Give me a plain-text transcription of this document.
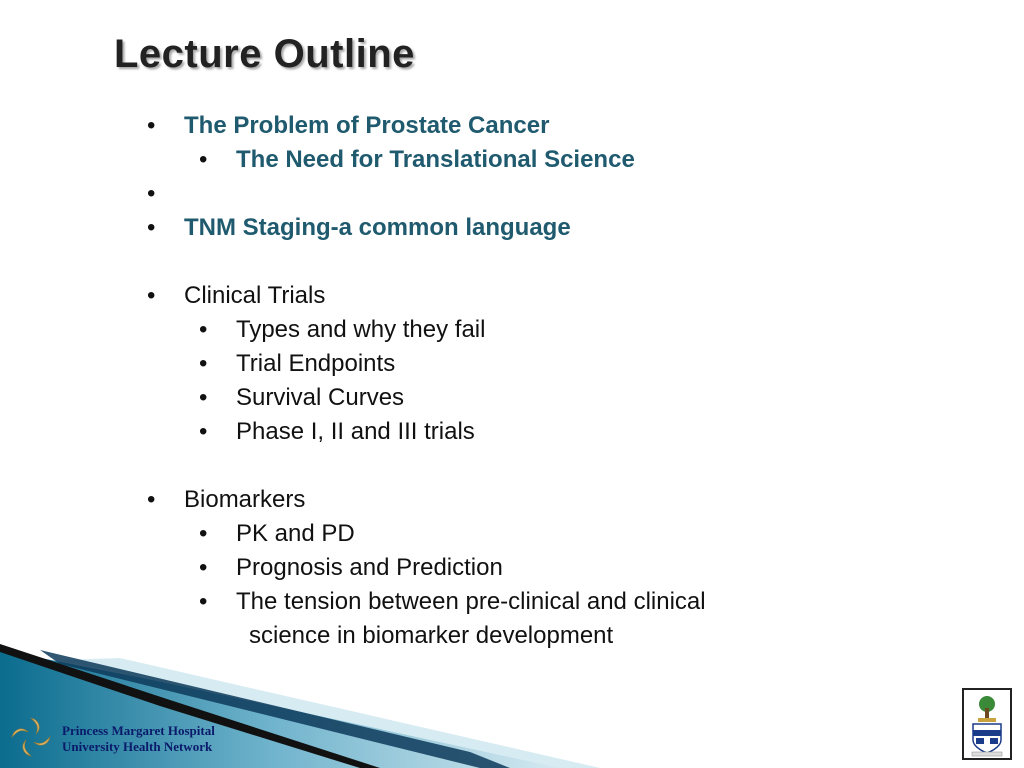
Lecture Outline
• The Problem of Prostate Cancer
• The Need for Translational Science
•
• TNM Staging-a common language
• Clinical Trials
• Types and why they fail
• Trial Endpoints
• Survival Curves
• Phase I, II and III trials
• Biomarkers
• PK and PD
• Prognosis and Prediction
• The tension between pre-clinical and clinical
science in biomarker development
Princess Margaret Hospital
University Health Network
